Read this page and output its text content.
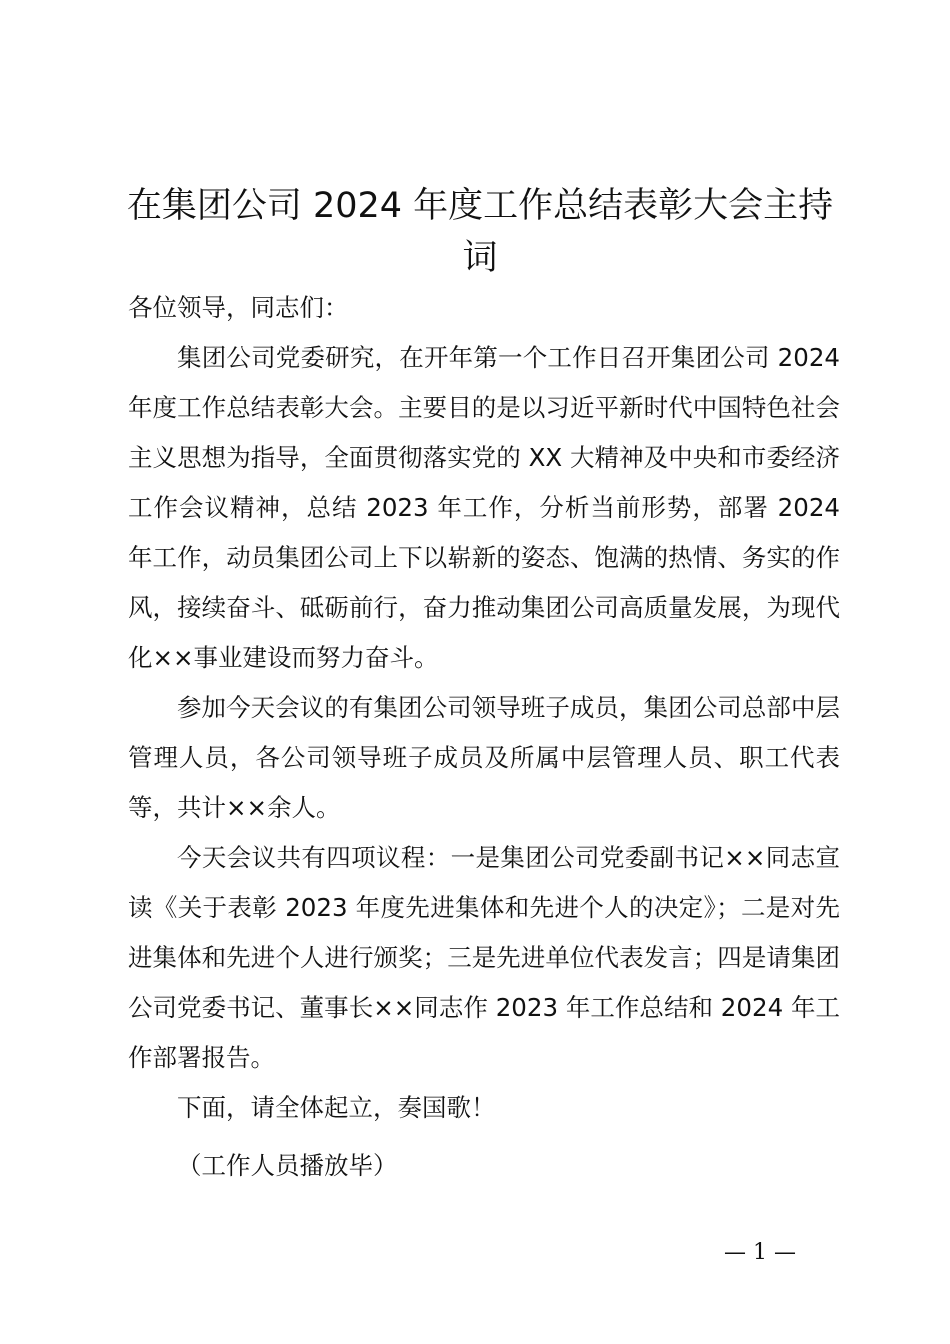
在集团公司 2024 年度工作总结表彰大会主持词

各位领导，同志们：

集团公司党委研究，在开年第一个工作日召开集团公司 2024 年度工作总结表彰大会。主要目的是以习近平新时代中国特色社会主义思想为指导，全面贯彻落实党的 XX 大精神及中央和市委经济工作会议精神，总结 2023 年工作，分析当前形势，部署 2024 年工作，动员集团公司上下以崭新的姿态、饱满的热情、务实的作风，接续奋斗、砥砺前行，奋力推动集团公司高质量发展，为现代化××事业建设而努力奋斗。

参加今天会议的有集团公司领导班子成员，集团公司总部中层管理人员，各公司领导班子成员及所属中层管理人员、职工代表等，共计××余人。

今天会议共有四项议程：一是集团公司党委副书记××同志宣读《关于表彰 2023 年度先进集体和先进个人的决定》；二是对先进集体和先进个人进行颁奖；三是先进单位代表发言；四是请集团公司党委书记、董事长××同志作 2023 年工作总结和 2024 年工作部署报告。

下面，请全体起立，奏国歌！

（工作人员播放毕）

— 1 —
